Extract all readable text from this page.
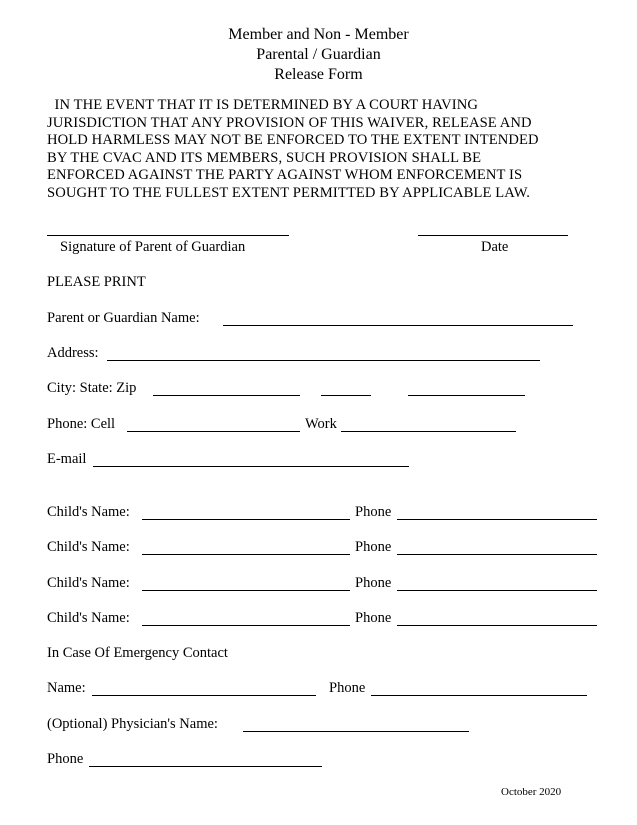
Member and Non - Member
Parental / Guardian
Release Form
IN THE EVENT THAT IT IS DETERMINED BY A COURT HAVING
JURISDICTION THAT ANY PROVISION OF THIS WAIVER, RELEASE AND
HOLD HARMLESS MAY NOT BE ENFORCED TO THE EXTENT INTENDED
BY THE CVAC AND ITS MEMBERS, SUCH PROVISION SHALL BE
ENFORCED AGAINST THE PARTY AGAINST WHOM ENFORCEMENT IS
SOUGHT TO THE FULLEST EXTENT PERMITTED BY APPLICABLE LAW.
Signature of Parent of Guardian	Date
PLEASE PRINT
Parent or Guardian Name:
Address:
City: State: Zip
Phone: Cell	Work
E-mail
Child's Name:	Phone
Child's Name:	Phone
Child's Name:	Phone
Child's Name:	Phone
In Case Of Emergency Contact
Name:	Phone
(Optional) Physician's Name:
Phone
October 2020
